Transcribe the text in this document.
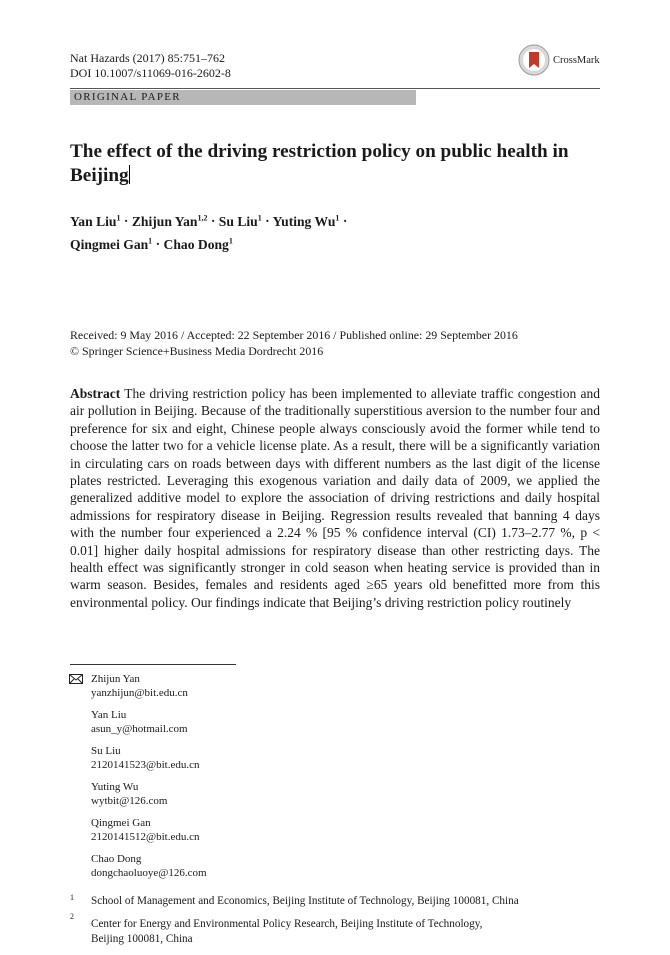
Nat Hazards (2017) 85:751–762
DOI 10.1007/s11069-016-2602-8
CrossMark
ORIGINAL PAPER
The effect of the driving restriction policy on public health in Beijing
Yan Liu$^1$ · Zhijun Yan$^{1,2}$ · Su Liu$^1$ · Yuting $Wu^1$ ·
Qingmei Gan$^1$ · Chao Dong$^1$
Received: 9 May 2016 / Accepted: 22 September 2016 / Published online: 29 September 2016
© Springer Science+Business Media Dordrecht 2016
Abstract The driving restriction policy has been implemented to alleviate traffic congestion and air pollution in Beijing. Because of the traditionally superstitious aversion to the number four and preference for six and eight, Chinese people always consciously avoid the former while tend to choose the latter two for a vehicle license plate. As a result, there will be a significantly variation in circulating cars on roads between days with different numbers as the last digit of the license plates restricted. Leveraging this exogenous variation and daily data of 2009, we applied the generalized additive model to explore the association of driving restrictions and daily hospital admissions for respiratory disease in Beijing. Regression results revealed that banning 4 days with the number four experienced a 2.24 % [95 % confidence interval (CI) 1.73–2.77 %, p < 0.01] higher daily hospital admissions for respiratory disease than other restricting days. The health effect was significantly stronger in cold season when heating service is provided than in warm season. Besides, females and residents aged ≥65 years old benefitted more from this environmental policy. Our findings indicate that Beijing’s driving restriction policy routinely
Zhijun Yan
yanzhijun@bit.edu.cn
Yan Liu
asun_y@hotmail.com
Su Liu
2120141523@bit.edu.cn
Yuting Wu
wytbit@126.com
Qingmei Gan
2120141512@bit.edu.cn
Chao Dong
dongchaoluoye@126.com
1 School of Management and Economics, Beijing Institute of Technology, Beijing 100081, China
2
Center for Energy and Environmental Policy Research, Beijing Institute of Technology,
Beijing 100081, China
